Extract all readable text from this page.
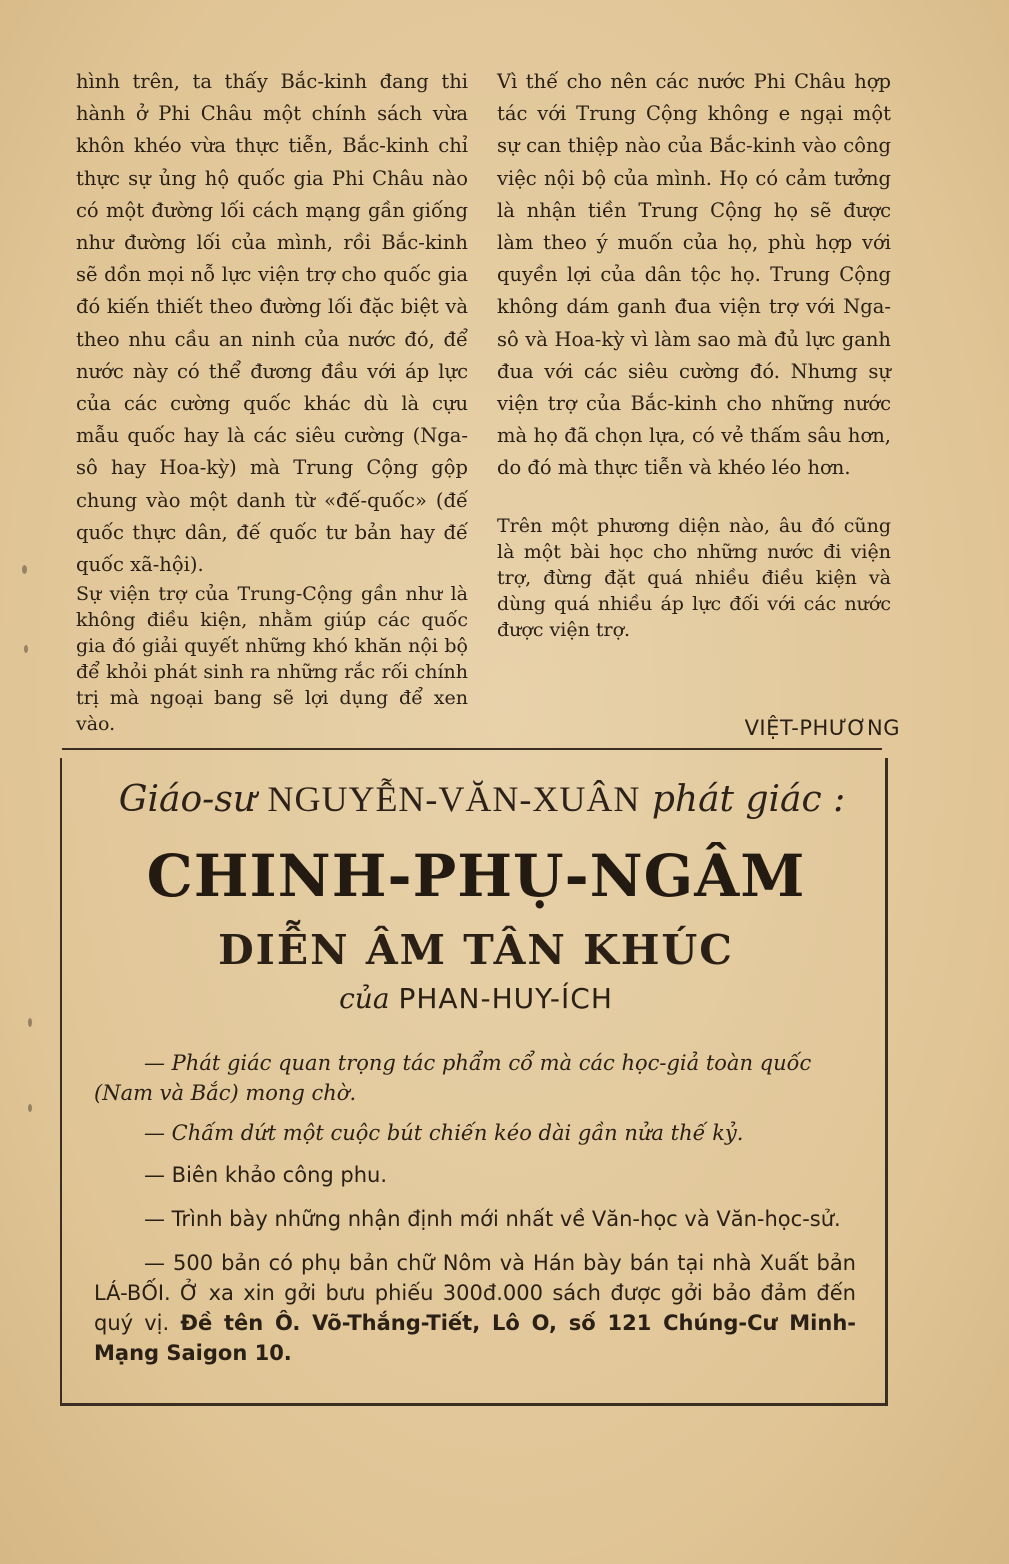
hình trên, ta thấy Bắc-kinh đang thi hành ở Phi Châu một chính sách vừa khôn khéo vừa thực tiễn, Bắc-kinh chỉ thực sự ủng hộ quốc gia Phi Châu nào có một đường lối cách mạng gần giống như đường lối của mình, rồi Bắc-kinh sẽ dồn mọi nỗ lực viện trợ cho quốc gia đó kiến thiết theo đường lối đặc biệt và theo nhu cầu an ninh của nước đó, để nước này có thể đương đầu với áp lực của các cường quốc khác dù là cựu mẫu quốc hay là các siêu cường (Nga-sô hay Hoa-kỳ) mà Trung Cộng gộp chung vào một danh từ «đế-quốc» (đế quốc thực dân, đế quốc tư bản hay đế quốc xã-hội).

Sự viện trợ của Trung-Cộng gần như là không điều kiện, nhằm giúp các quốc gia đó giải quyết những khó khăn nội bộ để khỏi phát sinh ra những rắc rối chính trị mà ngoại bang sẽ lợi dụng để xen vào.

Vì thế cho nên các nước Phi Châu hợp tác với Trung Cộng không e ngại một sự can thiệp nào của Bắc-kinh vào công việc nội bộ của mình. Họ có cảm tưởng là nhận tiền Trung Cộng họ sẽ được làm theo ý muốn của họ, phù hợp với quyền lợi của dân tộc họ. Trung Cộng không dám ganh đua viện trợ với Nga-sô và Hoa-kỳ vì làm sao mà đủ lực ganh đua với các siêu cường đó. Nhưng sự viện trợ của Bắc-kinh cho những nước mà họ đã chọn lựa, có vẻ thấm sâu hơn, do đó mà thực tiễn và khéo léo hơn.

Trên một phương diện nào, âu đó cũng là một bài học cho những nước đi viện trợ, đừng đặt quá nhiều điều kiện và dùng quá nhiều áp lực đối với các nước được viện trợ.

VIỆT-PHƯƠNG
Giáo-sư NGUYỄN-VĂN-XUÂN phát giác :
CHINH-PHỤ-NGÂM
DIỄN ÂM TÂN KHÚC
của PHAN-HUY-ÍCH

— Phát giác quan trọng tác phẩm cổ mà các học-giả toàn quốc (Nam và Bắc) mong chờ.

— Chấm dứt một cuộc bút chiến kéo dài gần nửa thế kỷ.

— Biên khảo công phu.

— Trình bày những nhận định mới nhất về Văn-học và Văn-học-sử.

— 500 bản có phụ bản chữ Nôm và Hán bày bán tại nhà Xuất bản LÁ-BỐI. Ở xa xin gởi bưu phiếu 300đ.000 sách được gởi bảo đảm đến quý vị. Đề tên Ô. Võ-Thắng-Tiết, Lô O, số 121 Chúng-Cư Minh-Mạng Saigon 10.
